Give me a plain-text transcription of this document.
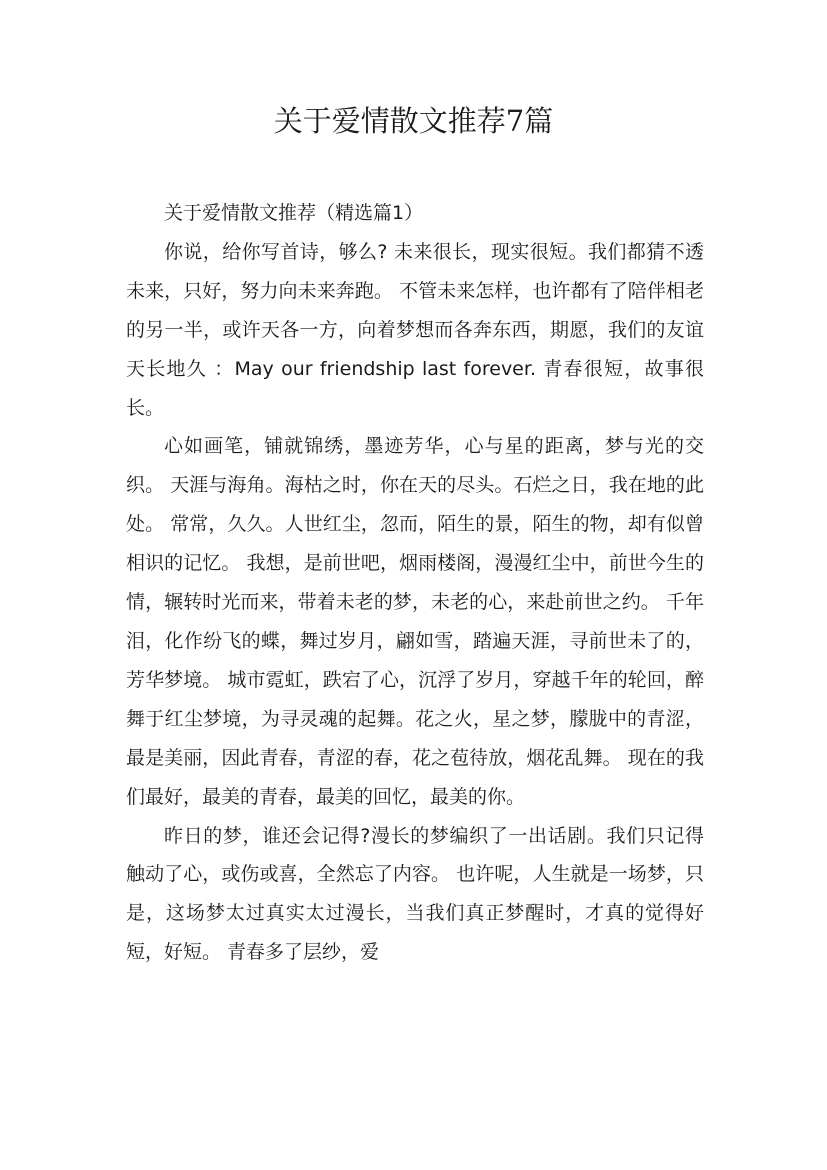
关于爱情散文推荐7篇
关于爱情散文推荐（精选篇1）

你说，给你写首诗，够么? 未来很长，现实很短。我们都猜不透未来，只好，努力向未来奔跑。 不管未来怎样，也许都有了陪伴相老的另一半，或许天各一方，向着梦想而各奔东西，期愿，我们的友谊天长地久 ：May our friendship last forever. 青春很短，故事很长。

心如画笔，铺就锦绣，墨迹芳华，心与星的距离，梦与光的交织。 天涯与海角。海枯之时，你在天的尽头。石烂之日，我在地的此处。 常常，久久。人世红尘，忽而，陌生的景，陌生的物，却有似曾相识的记忆。 我想，是前世吧，烟雨楼阁，漫漫红尘中，前世今生的情，辗转时光而来，带着未老的梦，未老的心，来赴前世之约。 千年泪，化作纷飞的蝶，舞过岁月，翩如雪，踏遍天涯，寻前世未了的，芳华梦境。 城市霓虹，跌宕了心，沉浮了岁月，穿越千年的轮回，醉舞于红尘梦境，为寻灵魂的起舞。花之火，星之梦，朦胧中的青涩，最是美丽，因此青春，青涩的春，花之苞待放，烟花乱舞。 现在的我们最好，最美的青春，最美的回忆，最美的你。

昨日的梦，谁还会记得?漫长的梦编织了一出话剧。我们只记得触动了心，或伤或喜，全然忘了内容。 也许呢，人生就是一场梦，只是，这场梦太过真实太过漫长，当我们真正梦醒时，才真的觉得好短，好短。 青春多了层纱，爱
